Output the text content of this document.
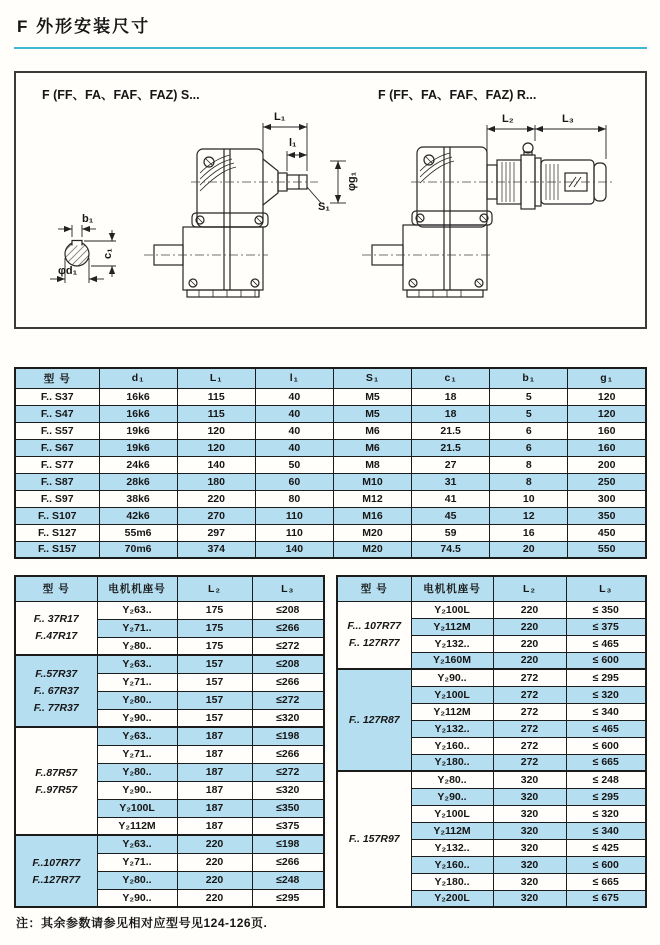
F 外形安装尺寸
F (FF、FA、FAF、FAZ) S...	F (FF、FA、FAF、FAZ) R...
L₁
l₁
φg₁
S₁
b₁
c₁
φd₁
L₂	L₃
型 号	d₁	L₁	l₁	S₁	c₁	b₁	g₁
F.. S37	16k6	115	40	M5	18	5	120
F.. S47	16k6	115	40	M5	18	5	120
F.. S57	19k6	120	40	M6	21.5	6	160
F.. S67	19k6	120	40	M6	21.5	6	160
F.. S77	24k6	140	50	M8	27	8	200
F.. S87	28k6	180	60	M10	31	8	250
F.. S97	38k6	220	80	M12	41	10	300
F.. S107	42k6	270	110	M16	45	12	350
F.. S127	55m6	297	110	M20	59	16	450
F.. S157	70m6	374	140	M20	74.5	20	550
型 号	电机机座号	L₂	L₃

F.. 37R17
F..47R17	Y₂63..	175	≤208
	Y₂71..	175	≤266
	Y₂80..	175	≤272

F..57R37
F.. 67R37
F.. 77R37	Y₂63..	157	≤208
	Y₂71..	157	≤266
	Y₂80..	157	≤272
	Y₂90..	157	≤320

F..87R57
F..97R57	Y₂63..	187	≤198
	Y₂71..	187	≤266
	Y₂80..	187	≤272
	Y₂90..	187	≤320
	Y₂100L	187	≤350
	Y₂112M	187	≤375

F..107R77
F..127R77	Y₂63..	220	≤198
	Y₂71..	220	≤266
	Y₂80..	220	≤248
	Y₂90..	220	≤295
型 号	电机机座号	L₂	L₃

F... 107R77
F.. 127R77	Y₂100L	220	≤ 350
	Y₂112M	220	≤ 375
	Y₂132..	220	≤ 465
	Y₂160M	220	≤ 600

F.. 127R87	Y₂90..	272	≤ 295
	Y₂100L	272	≤ 320
	Y₂112M	272	≤ 340
	Y₂132..	272	≤ 465
	Y₂160..	272	≤ 600
	Y₂180..	272	≤ 665

F.. 157R97	Y₂80..	320	≤ 248
	Y₂90..	320	≤ 295
	Y₂100L	320	≤ 320
	Y₂112M	320	≤ 340
	Y₂132..	320	≤ 425
	Y₂160..	320	≤ 600
	Y₂180..	320	≤ 665
	Y₂200L	320	≤ 675
注：其余参数请参见相对应型号见124-126页.
